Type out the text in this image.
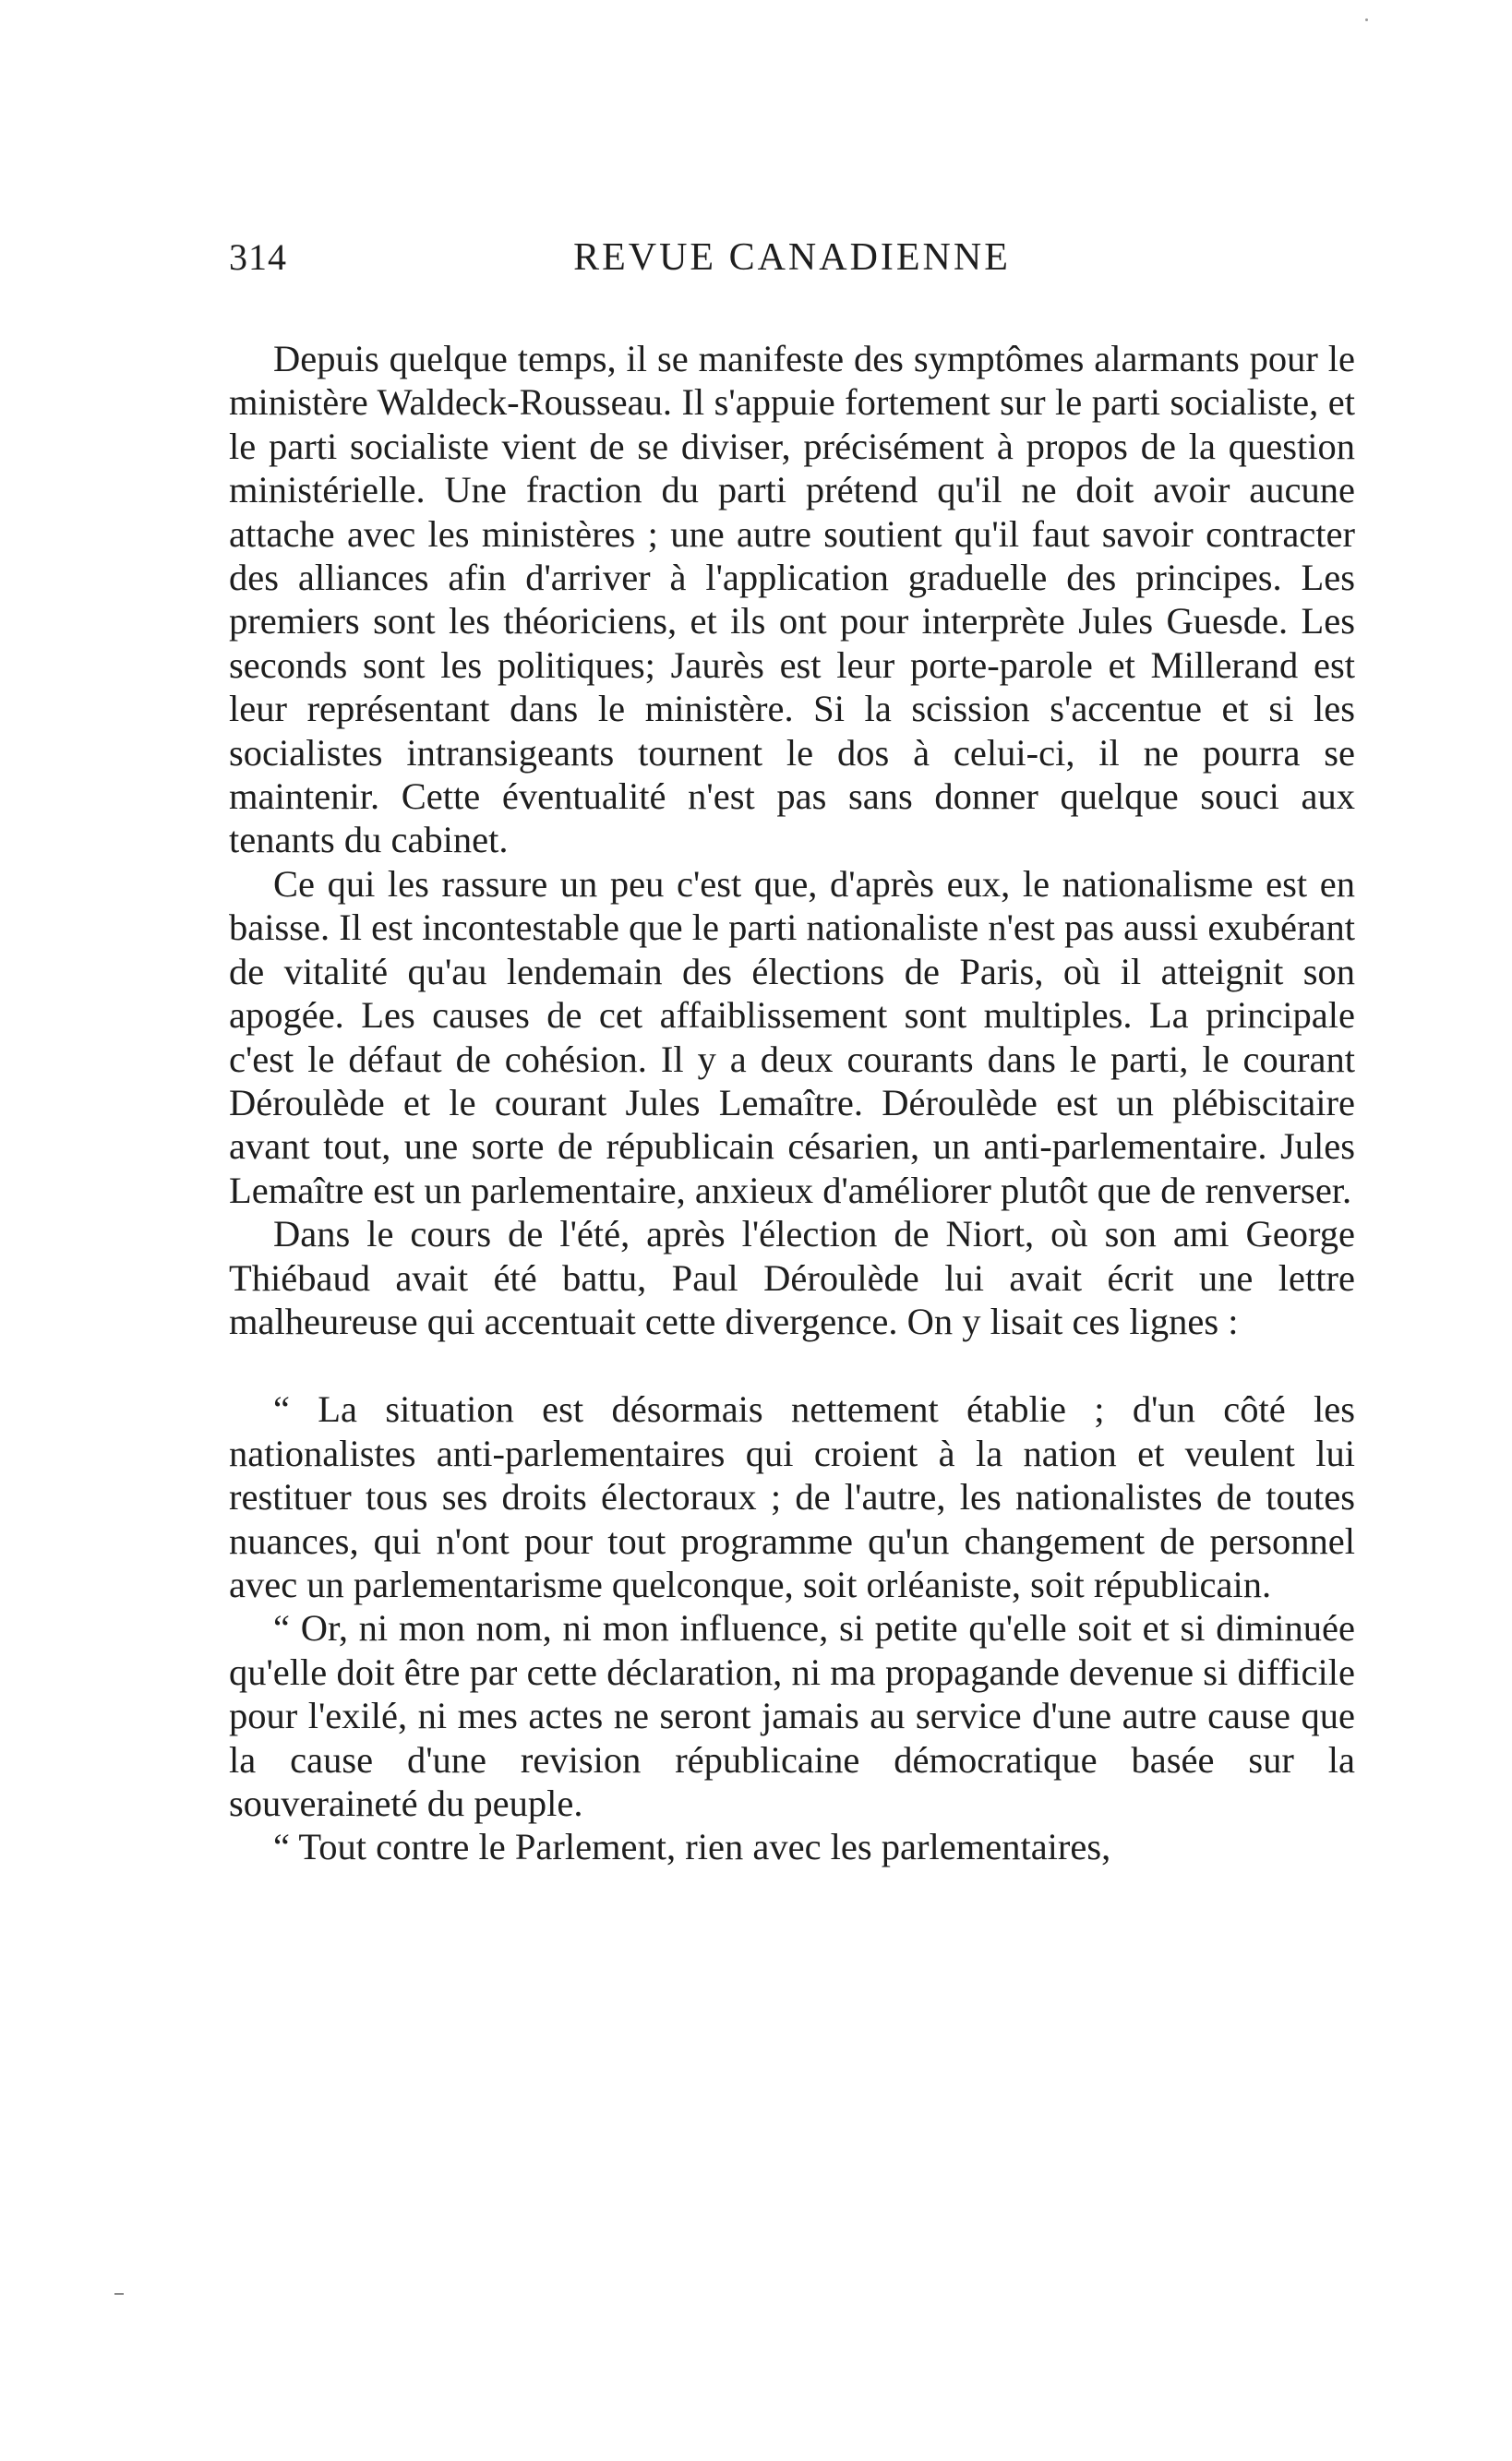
314	REVUE CANADIENNE

Depuis quelque temps, il se manifeste des symptômes alarmants pour le ministère Waldeck-Rousseau. Il s'appuie fortement sur le parti socialiste, et le parti socialiste vient de se diviser, précisément à propos de la question ministérielle. Une fraction du parti prétend qu'il ne doit avoir aucune attache avec les ministères ; une autre soutient qu'il faut savoir contracter des alliances afin d'arriver à l'application graduelle des principes. Les premiers sont les théoriciens, et ils ont pour interprète Jules Guesde. Les seconds sont les politiques; Jaurès est leur porte-parole et Millerand est leur représentant dans le ministère. Si la scission s'accentue et si les socialistes intransigeants tournent le dos à celui-ci, il ne pourra se maintenir. Cette éventualité n'est pas sans donner quelque souci aux tenants du cabinet.

Ce qui les rassure un peu c'est que, d'après eux, le nationalisme est en baisse. Il est incontestable que le parti nationaliste n'est pas aussi exubérant de vitalité qu'au lendemain des élections de Paris, où il atteignit son apogée. Les causes de cet affaiblissement sont multiples. La principale c'est le défaut de cohésion. Il y a deux courants dans le parti, le courant Déroulède et le courant Jules Lemaître. Déroulède est un plébiscitaire avant tout, une sorte de républicain césarien, un anti-parlementaire. Jules Lemaître est un parlementaire, anxieux d'améliorer plutôt que de renverser.

Dans le cours de l'été, après l'élection de Niort, où son ami George Thiébaud avait été battu, Paul Déroulède lui avait écrit une lettre malheureuse qui accentuait cette divergence. On y lisait ces lignes :

“ La situation est désormais nettement établie ; d'un côté les nationalistes anti-parlementaires qui croient à la nation et veulent lui restituer tous ses droits électoraux ; de l'autre, les nationalistes de toutes nuances, qui n'ont pour tout programme qu'un changement de personnel avec un parlementarisme quelconque, soit orléaniste, soit républicain.

“ Or, ni mon nom, ni mon influence, si petite qu'elle soit et si diminuée qu'elle doit être par cette déclaration, ni ma propagande devenue si difficile pour l'exilé, ni mes actes ne seront jamais au service d'une autre cause que la cause d'une revision républicaine démocratique basée sur la souveraineté du peuple.

“ Tout contre le Parlement, rien avec les parlementaires,
